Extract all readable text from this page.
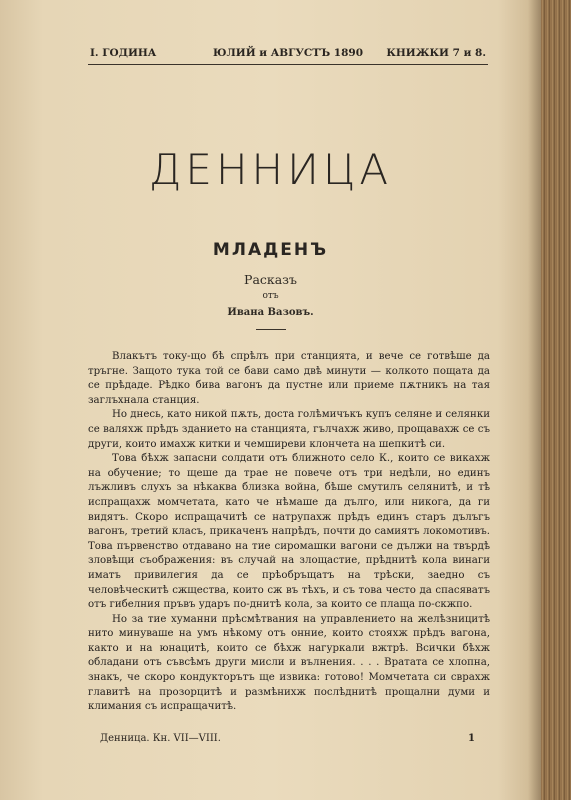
I. ГОДИНА	ЮЛИЙ и АВГУСТЪ 1890 КНИЖКИ 7 и 8.
ДЕННИЦА
МЛАДЕНЪ
Расказъ
отъ
Ивана Вазовъ.

Влакътъ току-що бѣ спрѣлъ при станцията, и вече се готвѣше да тръгне. Защото тука той се бави само двѣ минути — колкото пощата да се прѣдаде. Рѣдко бива вагонъ да пустне или приеме пѫтникъ на тая заглъхнала станция.

Но днесь, като никой пѫть, доста голѣмичъкъ купъ селяне и селянки се валяхж прѣдъ зданието на станцията, гълчахж живо, прощавахж се съ други, които имахж китки и чемширеви клончета на шепкитѣ си.

Това бѣхж запасни солдати отъ ближното село К., които се викахж на обучение; то щеше да трае не повече отъ три недѣли, но единъ лъжливъ слухъ за нѣкаква близка война, бѣше смутилъ селянитѣ, и тѣ испращахж момчетата, като че нѣмаше да дълго, или никога, да ги видятъ. Скоро испращачитѣ се натрупахж прѣдъ единъ старъ дълъгъ вагонъ, третий класъ, прикаченъ напрѣдъ, почти до самиятъ локомотивъ. Това първенство отдавано на тие сиромашки вагони се дължи на твърдѣ зловѣщи съображения: въ случай на злощастие, прѣднитѣ кола винаги иматъ привилегия да се прѣобръщатъ на трѣски, заедно съ человѣческитѣ сжщества, които сж въ тѣхъ, и съ това често да спасяватъ отъ гибелния пръвъ ударъ по-днитѣ кола, за които се плаща по-скжпо.

Но за тие хуманни прѣсмѣтвания на управлението на желѣзницитѣ нито минуваше на умъ нѣкому отъ онние, които стояхж прѣдъ вагона, както и на юнацитѣ, които се бѣхж нагуркали вжтрѣ. Всички бѣхж обладани отъ съвсѣмъ други мисли и вълнения. . . . Вратата се хлопна, знакъ, че скоро кондукторътъ ще извика: готово! Момчетата си сврахж главитѣ на прозорцитѣ и размѣнихж послѣднитѣ прощални думи и климания съ испращачитѣ.

Денница. Кн. VII—VIII.	1
